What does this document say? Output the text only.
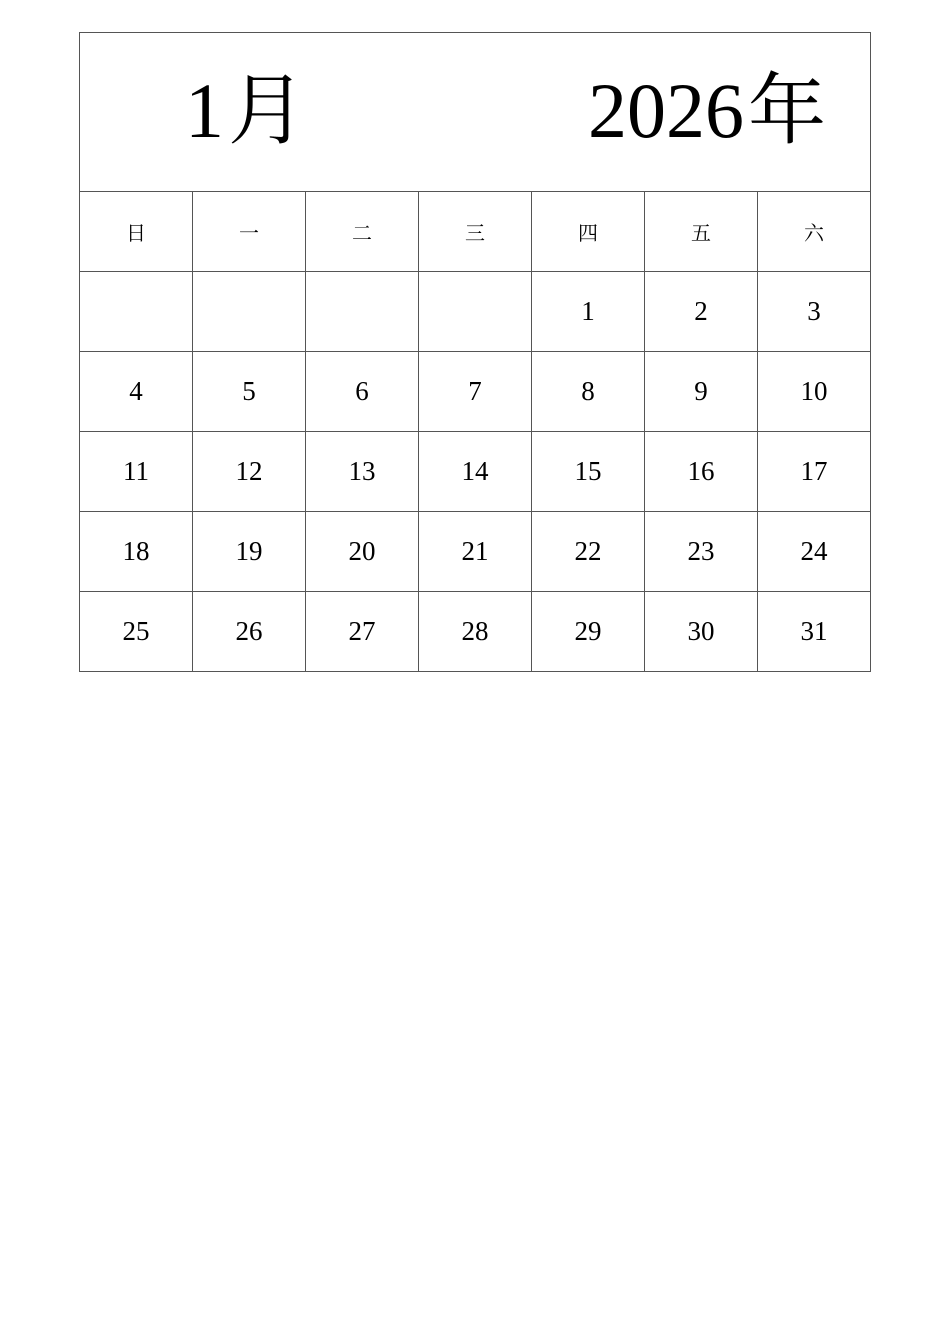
1月 2026年						

日	一	二	三	四	五	六
				1	2	3
4	5	6	7	8	9	10
11	12	13	14	15	16	17
18	19	20	21	22	23	24
25	26	27	28	29	30	31
